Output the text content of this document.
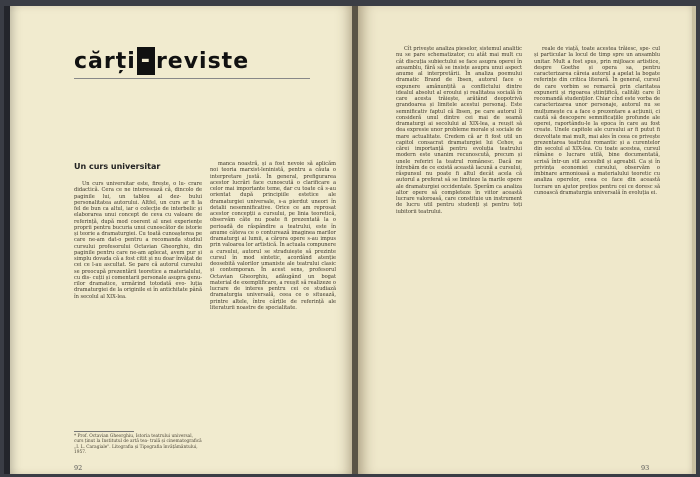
cărți - reviste
Un curs universitar

Un curs universitar este, firește, o lu- crare didactică. Cera ce ne interesează că, dincolo de paginile lui, un tablou al dez- bului personalitatea autorului. Altfel, un curs ar fi la fel de bun ca altul, iar o colecție de interbelic și elaborarea unui concept de ceva cu valoare de referință, după mod coerent al unei experiențe proprii pentru bucuria unui cunoscător de istorie și teorie a dramaturgiei. Cu toată cunoașterea pe care ne-am dat-o pentru a recomanda studiul cursului profesorului Octavian Gheorghiu, din paginile pentru care ne-am aplecat, avem pur și simplu dovada că a fost citit și nu doar învățat de cei ce l-au ascultat. Se pare că autorul cursului se preocupă prezentării teoretice a materialului, cu dis- cuții și comentarii personale asupra genu- rilor dramatice, urmărind totodată evo- luția dramaturgiei de la originile ei în antichitate până în secolul al XIX-lea.

manca noastră, și a fost nevoie să aplicăm noi teoria marxist-leninistă, pentru a căuta o interpretare justă. În general, prefigurarea acestor lucrări face cunoscută o clarificare a celor mai importante teme, dar cu toate că s-au orientat după principiile estetice ale dramaturgiei universale, s-a pierdut uneori în detalii nesemnificative. Orice ce am reprosat acestor concepții a cursului, pe linia teoretică, observăm câte nu poate fi prezentată la o perioadă de răspândire a teatrului, este în anume câteva ce o conturează imaginea marilor dramaturgi ai lumii, a cărora opere s-au impus prin valoarea lor artistică. În actuala compunere a cursului, autorul se straduiește să prezinte cursul în mod sintetic, acordând atenție deosebită valorilor umaniste ale teatrului clasic și contemporan. În acest sens, profesorul Octavian Gheorghiu, adăugând un bogat material de exemplificare, a reușit să realizeze o lucrare de interes pentru cei ce studiază dramaturgia universală, ceea ce o situează, printre altele, între cărțile de referință ale literaturii noastre de specialitate.

* Prof. Octavian Gheorghiu, Istoria teatrului universal, curs ținut la Institutul de artă tea- trală și cinematografică „I. L. Caragiale". Litografia și Tipografia învățământului, 1957.

Cît privește analiza pieselor, sistemul analitic nu se pare schematizator, cu atât mai mult cu cât discuția subiectului se face asupra operei în ansamblu, fără să se insiste asupra unui aspect anume al interpretării. În analiza poemului dramatic Brand de Ibsen, autorul face o expunere amănunțită a conflictului dintre idealul absolut al eroului și realitatea socială în care acesta trăiește, arătând deopotrivă grandoarea și limitele acestui personaj. Este semnificativ faptul că Ibsen, pe care autorul îl consideră unul dintre cei mai de seamă dramaturgi ai secolului al XIX-lea, a reușit să dea expresie unor probleme morale și sociale de mare actualitate. Credem că ar fi fost util un capitol consacrat dramaturgiei lui Cehov, a cărei importanță pentru evoluția teatrului modern este unanim recunoscută, precum și unele referiri la teatrul românesc. Dacă ne întrebăm de ce există această lacună a cursului, răspunsul nu poate fi altul decât acela că autorul a preferat să se limiteze la marile opere ale dramaturgiei occidentale. Sperăm ca analiza altor opere să completeze în viitor această lucrare valoroasă, care constituie un instrument de lucru util pentru studenți și pentru toți iubitorii teatrului.

reale de viață, toate acestea trăiesc, spe- cul și particular la locul de timp spre un ansamblu unitar. Mult a fost spus, prin mijloace artistice, despre Goethe și opera sa, pentru caracterizarea căreia autorul a apelat la bogate referințe din critica literară. În general, cursul de care vorbim se remarcă prin claritatea expunerii și rigoarea științifică, calități care îl recomandă studenților. Chiar cînd este vorba de caracterizarea unor personaje, autorul nu se mulțumește cu a face o prezentare a acțiunii, ci caută să descopere semnificațiile profunde ale operei, raportându-le la epoca în care au fost create. Unele capitole ale cursului ar fi putut fi dezvoltate mai mult, mai ales în ceea ce privește prezentarea teatrului romantic și a curentelor din secolul al XIX-lea. Cu toate acestea, cursul rămâne o lucrare utilă, bine documentată, scrisă într-un stil accesibil și agreabil. Ca și în privința economiei cursului, observăm o îmbinare armonioasă a materialului teoretic cu analiza operelor, ceea ce face din această lucrare un ajutor prețios pentru cei ce doresc să cunoască dramaturgia universală în evoluția ei.

92	93
